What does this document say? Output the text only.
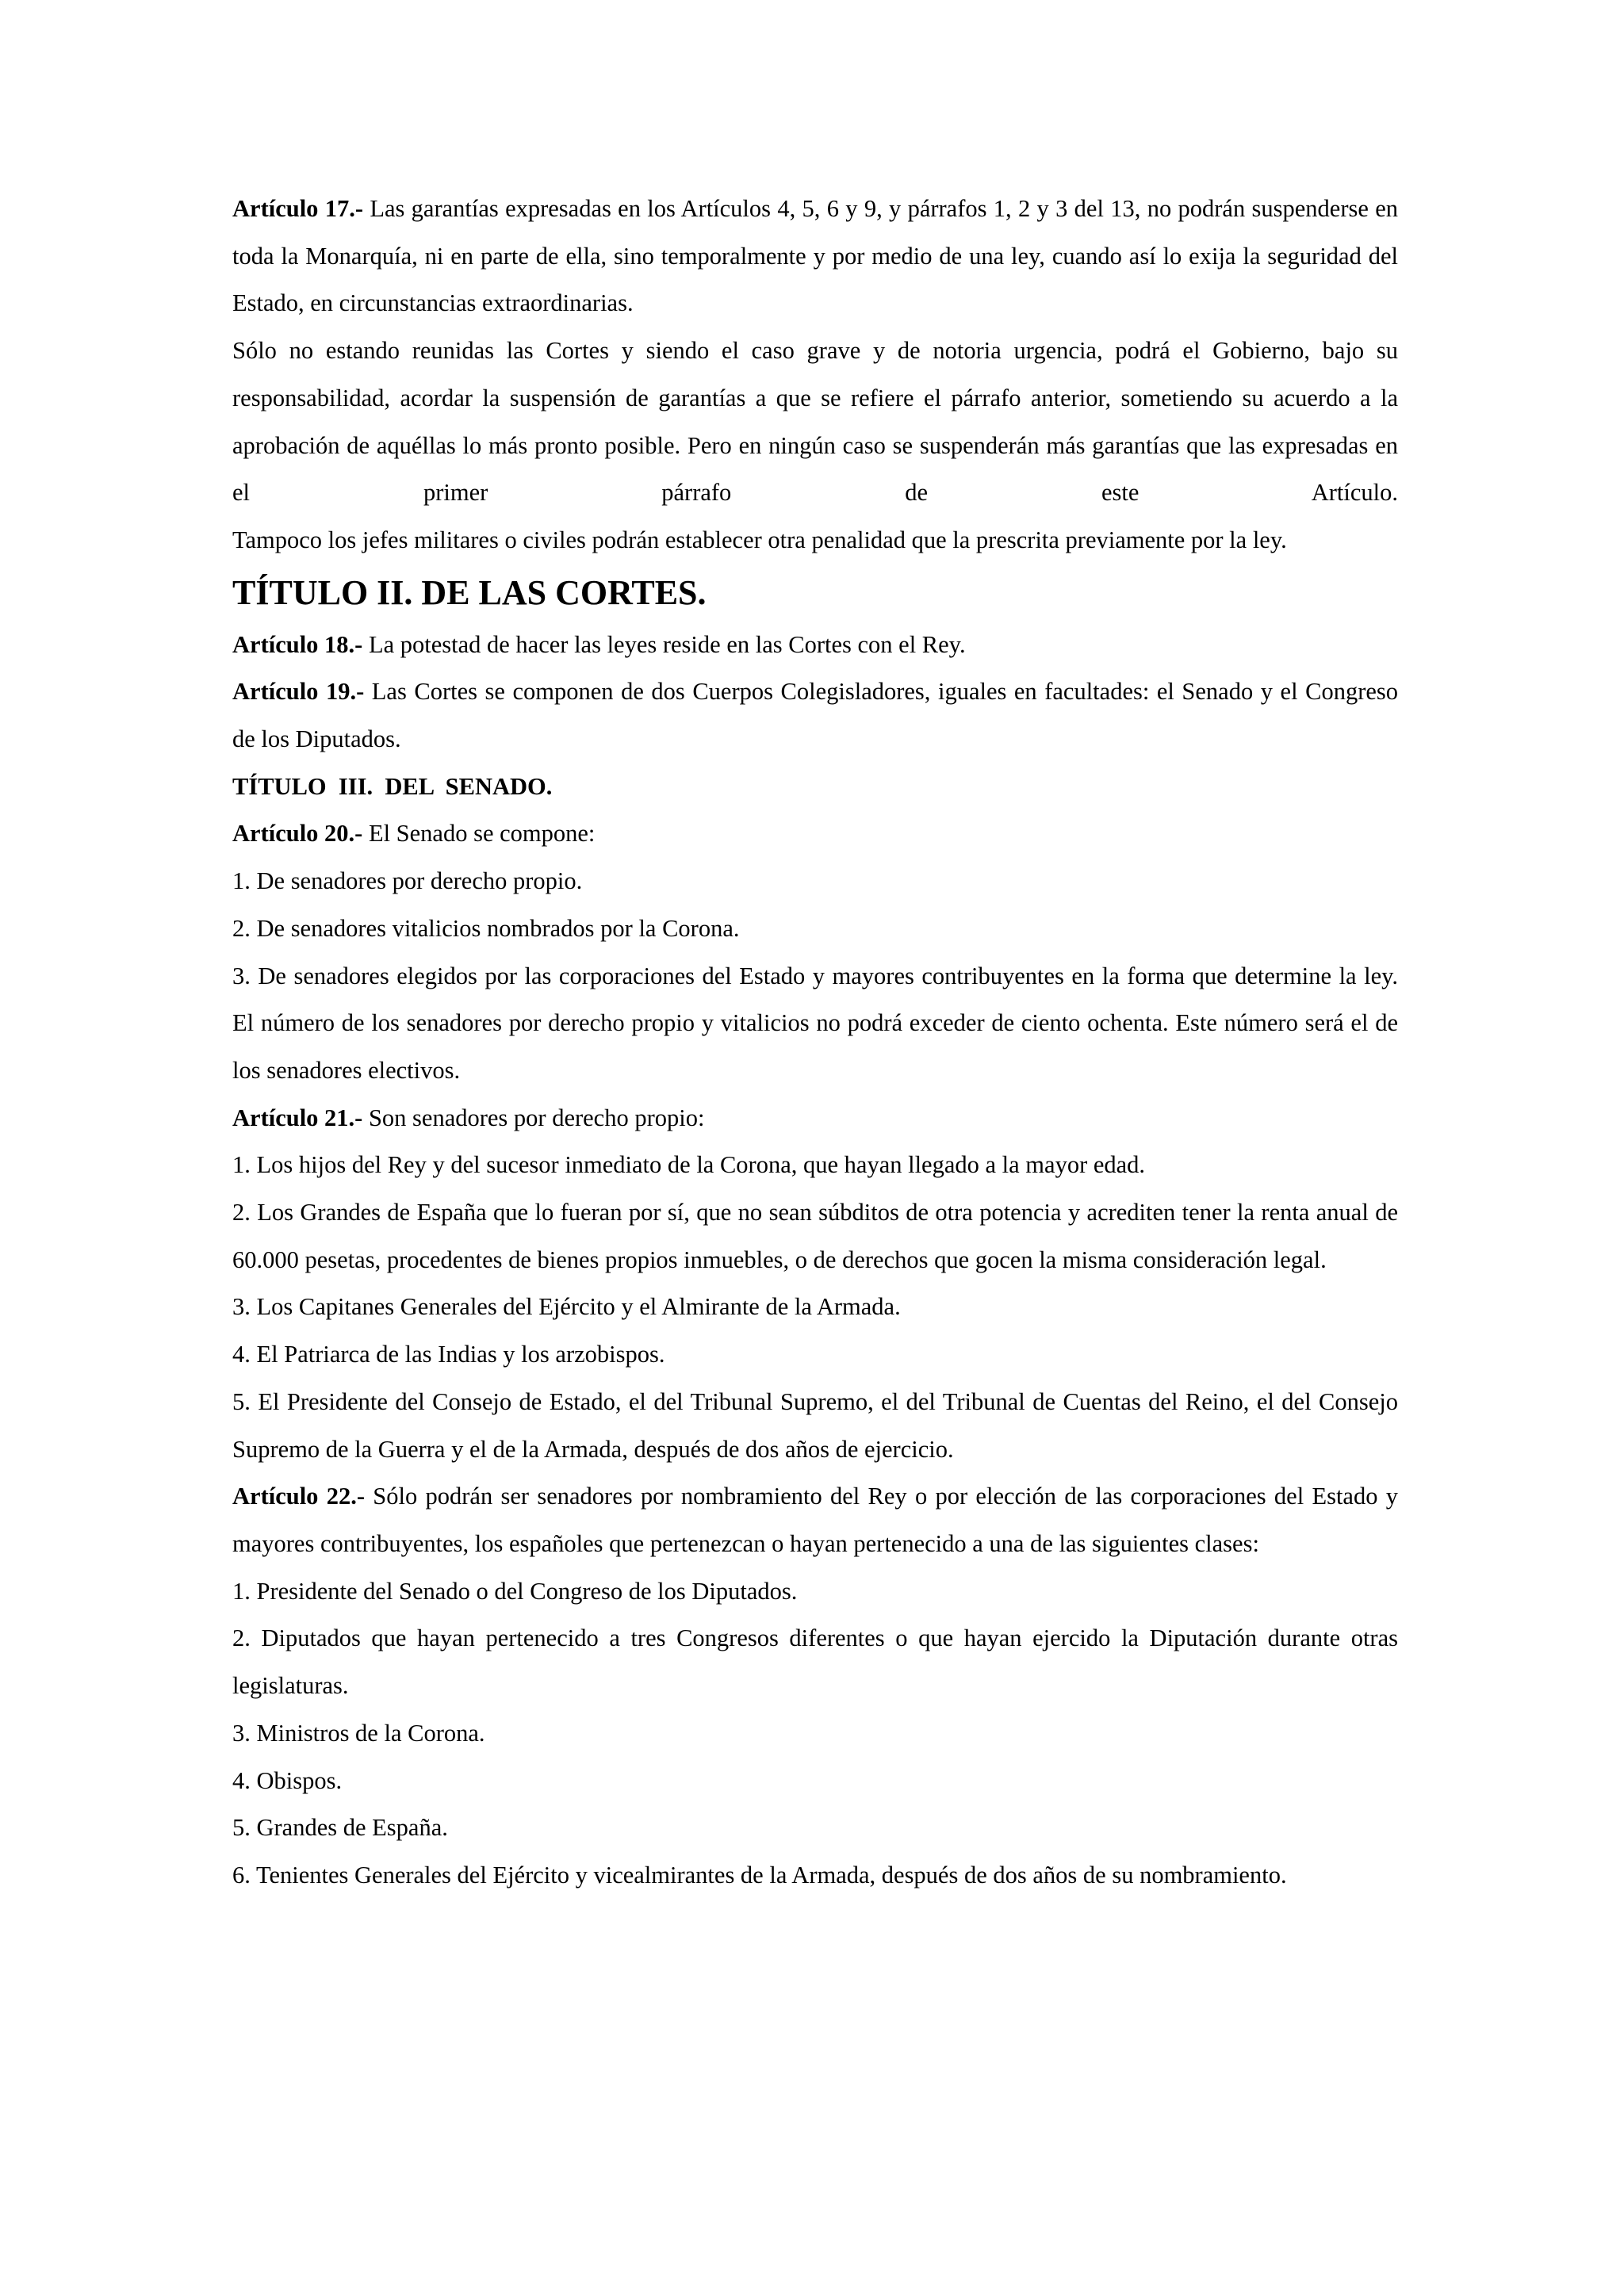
Artículo 17.- Las garantías expresadas en los Artículos 4, 5, 6 y 9, y párrafos 1, 2 y 3 del 13, no podrán suspenderse en toda la Monarquía, ni en parte de ella, sino temporalmente y por medio de una ley, cuando así lo exija la seguridad del Estado, en circunstancias extraordinarias.

Sólo no estando reunidas las Cortes y siendo el caso grave y de notoria urgencia, podrá el Gobierno, bajo su responsabilidad, acordar la suspensión de garantías a que se refiere el párrafo anterior, sometiendo su acuerdo a la aprobación de aquéllas lo más pronto posible. Pero en ningún caso se suspenderán más garantías que las expresadas en el primer párrafo de este Artículo.

Tampoco los jefes militares o civiles podrán establecer otra penalidad que la prescrita previamente por la ley.

TÍTULO II. DE LAS CORTES.

Artículo 18.- La potestad de hacer las leyes reside en las Cortes con el Rey.

Artículo 19.- Las Cortes se componen de dos Cuerpos Colegisladores, iguales en facultades: el Senado y el Congreso de los Diputados.

TÍTULO  III.  DEL  SENADO.

Artículo 20.- El Senado se compone:

1. De senadores por derecho propio.

2. De senadores vitalicios nombrados por la Corona.

3. De senadores elegidos por las corporaciones del Estado y mayores contribuyentes en la forma que determine la ley. El número de los senadores por derecho propio y vitalicios no podrá exceder de ciento ochenta. Este número será el de los senadores electivos.

Artículo 21.- Son senadores por derecho propio:

1. Los hijos del Rey y del sucesor inmediato de la Corona, que hayan llegado a la mayor edad.

2. Los Grandes de España que lo fueran por sí, que no sean súbditos de otra potencia y acrediten tener la renta anual de 60.000 pesetas, procedentes de bienes propios inmuebles, o de derechos que gocen la misma consideración legal.

3. Los Capitanes Generales del Ejército y el Almirante de la Armada.

4. El Patriarca de las Indias y los arzobispos.

5. El Presidente del Consejo de Estado, el del Tribunal Supremo, el del Tribunal de Cuentas del Reino, el del Consejo Supremo de la Guerra y el de la Armada, después de dos años de ejercicio.

Artículo 22.- Sólo podrán ser senadores por nombramiento del Rey o por elección de las corporaciones del Estado y mayores contribuyentes, los españoles que pertenezcan o hayan pertenecido a una de las siguientes clases:

1. Presidente del Senado o del Congreso de los Diputados.

2. Diputados que hayan pertenecido a tres Congresos diferentes o que hayan ejercido la Diputación durante otras legislaturas.

3. Ministros de la Corona.

4. Obispos.

5. Grandes de España.

6. Tenientes Generales del Ejército y vicealmirantes de la Armada, después de dos años de su nombramiento.
